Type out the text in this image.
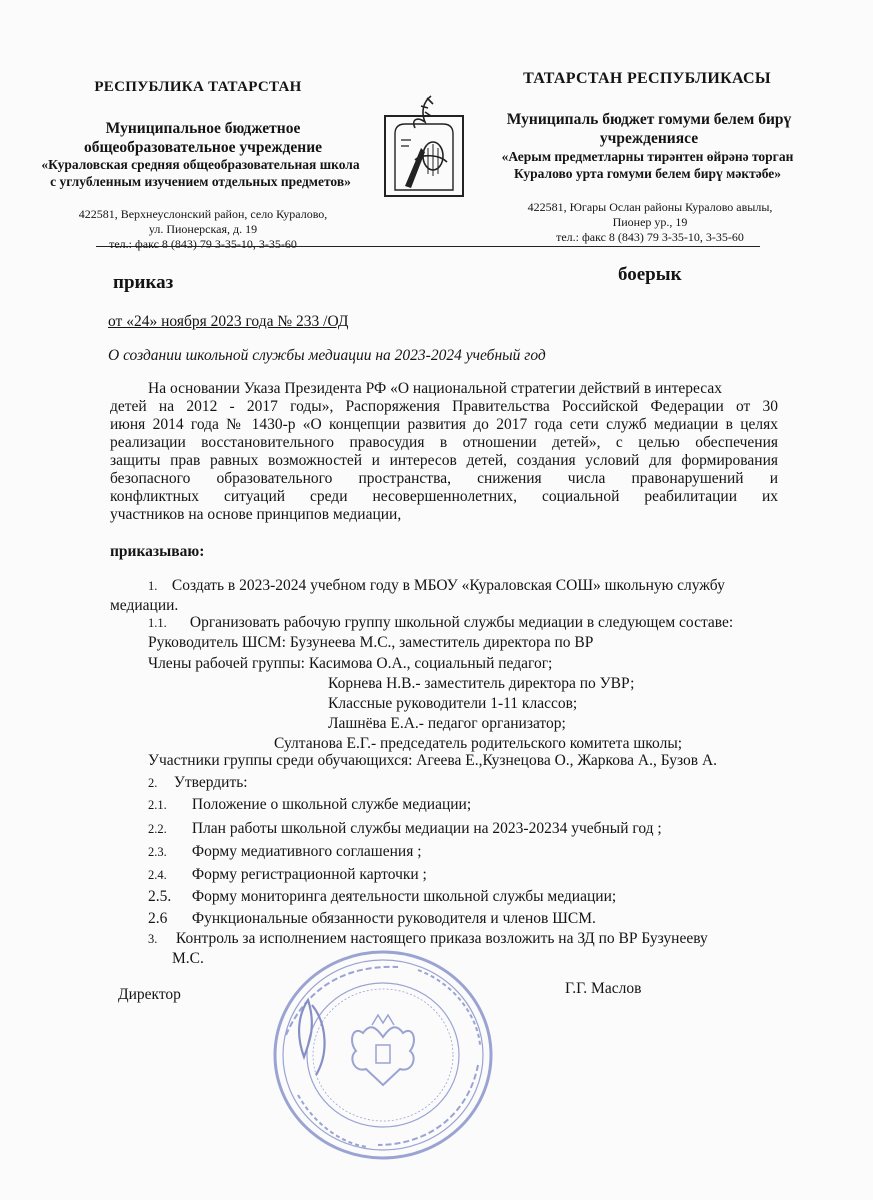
РЕСПУБЛИКА ТАТАРСТАН
Муниципальное бюджетное
общеобразовательное учреждение
«Кураловская средняя общеобразовательная школа
с углубленным изучением отдельных предметов»
422581, Верхнеуслонский район, село Куралово,
ул. Пионерская, д. 19
тел.: факс 8 (843) 79 3-35-10, 3-35-60
ТАТАРСТАН РЕСПУБЛИКАСЫ
Муниципаль бюджет гомуми белем бирү
учреждениясе
«Аерым предметларны тирәнтен өйрәнә торган
Куралово урта гомуми белем бирү мәктәбе»
422581, Югары Ослан районы Куралово авылы,
Пионер ур., 19
тел.: факс 8 (843) 79 3-35-10, 3-35-60
приказ	боерык
от «24» ноября 2023 года № 233 /ОД
О создании школьной службы медиации на 2023-2024 учебный год
На основании Указа Президента РФ «О национальной стратегии действий в интересах
детей на 2012 - 2017 годы», Распоряжения Правительства Российской Федерации от 30
июня 2014 года № 1430-р «О концепции развития до 2017 года сети служб медиации в целях
реализации восстановительного правосудия в отношении детей», с целью обеспечения
защиты прав равных возможностей и интересов детей, создания условий для формирования
безопасного образовательного пространства, снижения числа правонарушений и
конфликтных ситуаций среди несовершеннолетних, социальной реабилитации их
участников на основе принципов медиации,
приказываю:
1. Создать в 2023-2024 учебном году в МБОУ «Кураловская СОШ» школьную службу
медиации.
1.1. Организовать рабочую группу школьной службы медиации в следующем составе:
Руководитель ШСМ: Бузунеева М.С., заместитель директора по ВР
Члены рабочей группы: Касимова О.А., социальный педагог;
Корнева Н.В.- заместитель директора по УВР;
Классные руководители 1-11 классов;
Лашнёва Е.А.- педагог организатор;
Султанова Е.Г.- председатель родительского комитета школы;
Участники группы среди обучающихся: Агеева Е.,Кузнецова О., Жаркова А., Бузов А.
2. Утвердить:
2.1. Положение о школьной службе медиации;
2.2. План работы школьной службы медиации на 2023-20234 учебный год ;
2.3. Форму медиативного соглашения ;
2.4. Форму регистрационной карточки ;
2.5. Форму мониторинга деятельности школьной службы медиации;
2.6 Функциональные обязанности руководителя и членов ШСМ.
3. Контроль за исполнением настоящего приказа возложить на ЗД по ВР Бузунееву
М.С.
Директор	Г.Г. Маслов
